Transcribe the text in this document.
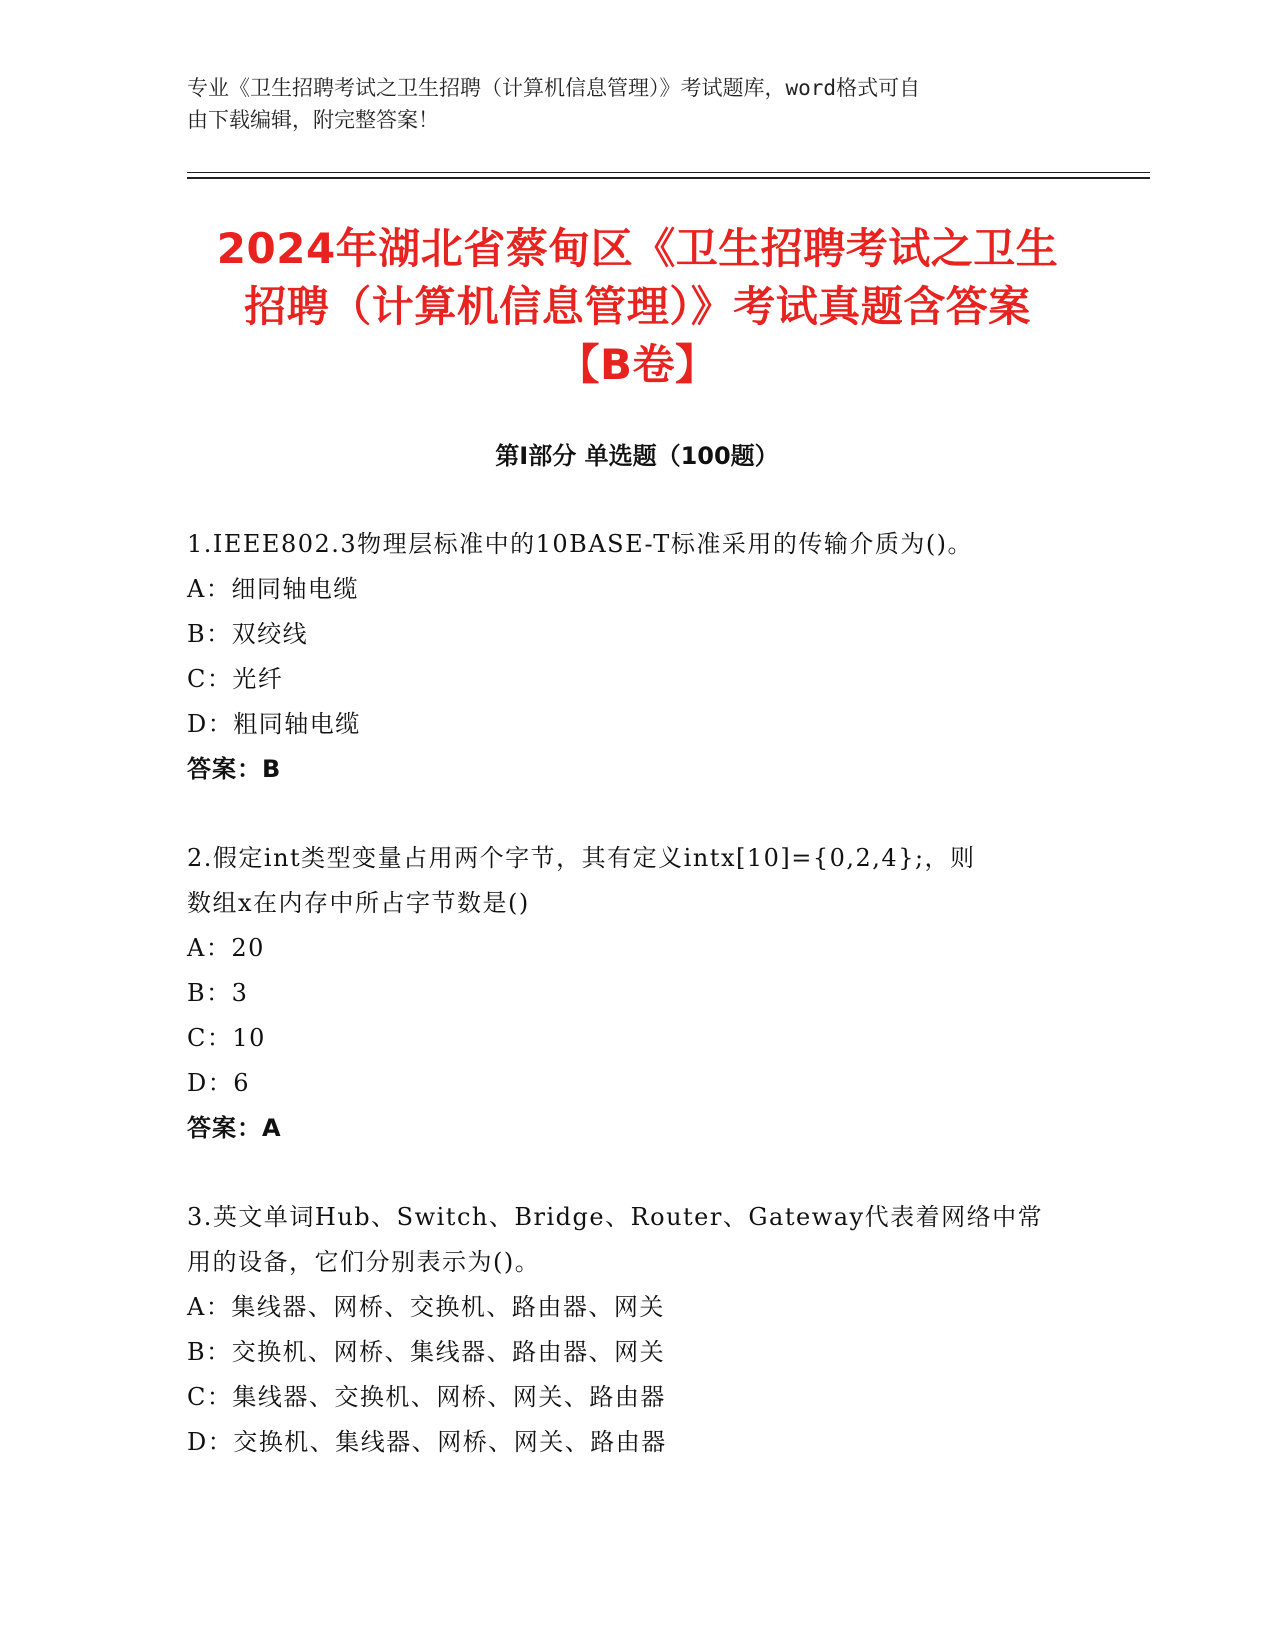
专业《卫生招聘考试之卫生招聘（计算机信息管理）》考试题库，word格式可自
由下载编辑，附完整答案！
2024年湖北省蔡甸区《卫生招聘考试之卫生
招聘（计算机信息管理）》考试真题含答案
【B卷】
第Ⅰ部分 单选题（100题）
1.IEEE802.3物理层标准中的10BASE-T标准采用的传输介质为()。
A：细同轴电缆
B：双绞线
C：光纤
D：粗同轴电缆
答案：B
2.假定int类型变量占用两个字节，其有定义intx[10]={0,2,4};，则
数组x在内存中所占字节数是()
A：20
B：3
C：10
D：6
答案：A
3.英文单词Hub、Switch、Bridge、Router、Gateway代表着网络中常
用的设备，它们分别表示为()。
A：集线器、网桥、交换机、路由器、网关
B：交换机、网桥、集线器、路由器、网关
C：集线器、交换机、网桥、网关、路由器
D：交换机、集线器、网桥、网关、路由器
